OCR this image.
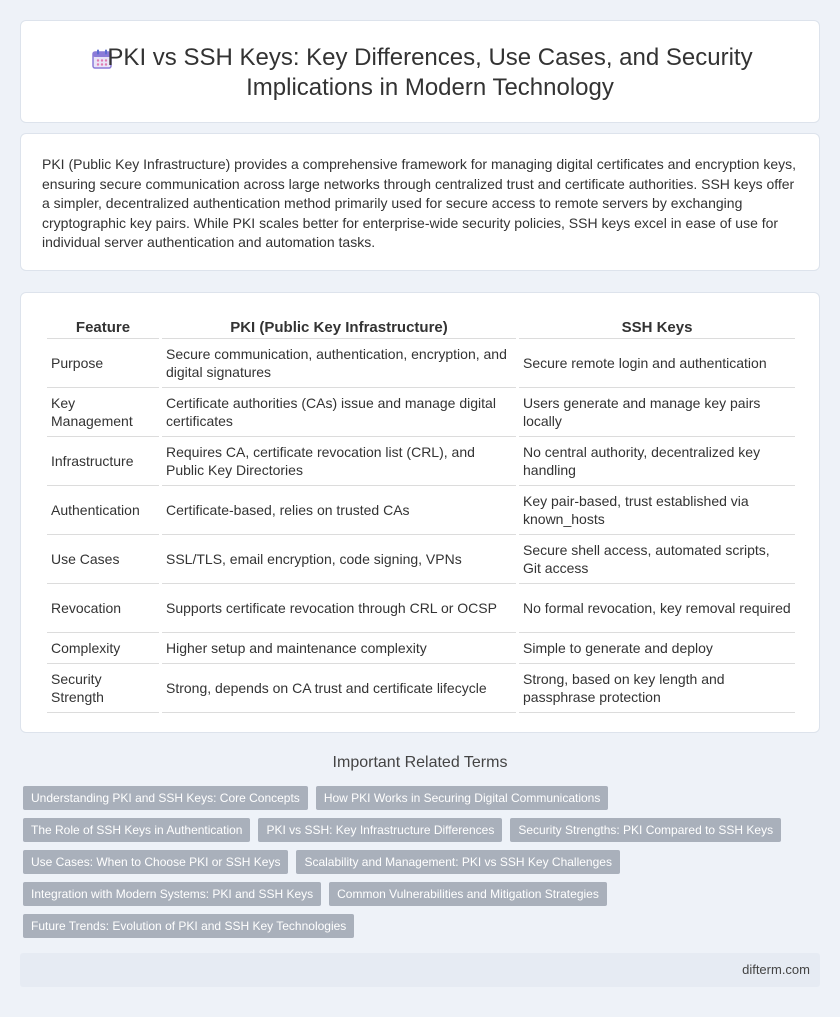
PKI vs SSH Keys: Key Differences, Use Cases, and Security Implications in Modern Technology
PKI (Public Key Infrastructure) provides a comprehensive framework for managing digital certificates and encryption keys, ensuring secure communication across large networks through centralized trust and certificate authorities. SSH keys offer a simpler, decentralized authentication method primarily used for secure access to remote servers by exchanging cryptographic key pairs. While PKI scales better for enterprise-wide security policies, SSH keys excel in ease of use for individual server authentication and automation tasks.
Feature	PKI (Public Key Infrastructure)	SSH Keys
Purpose	Secure communication, authentication, encryption, and digital signatures	Secure remote login and authentication
Key Management	Certificate authorities (CAs) issue and manage digital certificates	Users generate and manage key pairs locally
Infrastructure	Requires CA, certificate revocation list (CRL), and Public Key Directories	No central authority, decentralized key handling
Authentication	Certificate-based, relies on trusted CAs	Key pair-based, trust established via known_hosts
Use Cases	SSL/TLS, email encryption, code signing, VPNs	Secure shell access, automated scripts, Git access
Revocation	Supports certificate revocation through CRL or OCSP	No formal revocation, key removal required
Complexity	Higher setup and maintenance complexity	Simple to generate and deploy
Security Strength	Strong, depends on CA trust and certificate lifecycle	Strong, based on key length and passphrase protection
Important Related Terms
Understanding PKI and SSH Keys: Core Concepts	How PKI Works in Securing Digital Communications
The Role of SSH Keys in Authentication	PKI vs SSH: Key Infrastructure Differences	Security Strengths: PKI Compared to SSH Keys
Use Cases: When to Choose PKI or SSH Keys	Scalability and Management: PKI vs SSH Key Challenges
Integration with Modern Systems: PKI and SSH Keys	Common Vulnerabilities and Mitigation Strategies
Future Trends: Evolution of PKI and SSH Key Technologies
difterm.com
